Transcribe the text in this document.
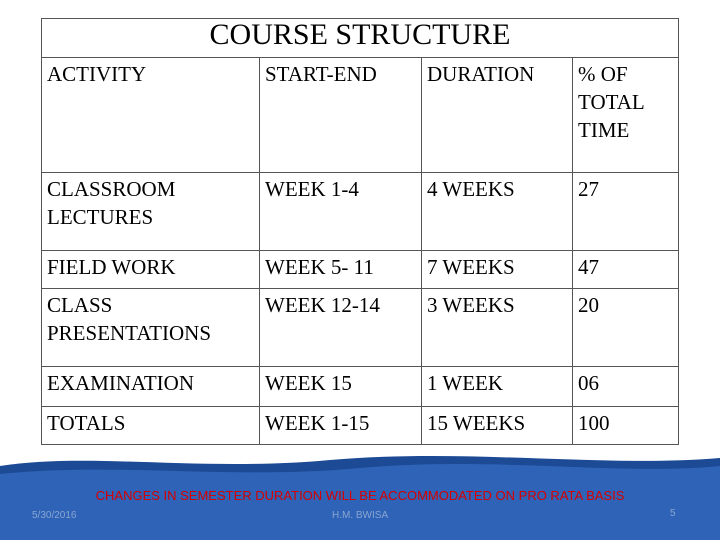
COURSE STRUCTURE			
ACTIVITY	START-END	DURATION	% OF TOTAL TIME
CLASSROOM LECTURES	WEEK 1-4	4 WEEKS	27
FIELD WORK	WEEK 5- 11	7 WEEKS	47
CLASS PRESENTATIONS	WEEK 12-14	3 WEEKS	20
EXAMINATION	WEEK 15	1 WEEK	06
TOTALS	WEEK 1-15	15 WEEKS	100
CHANGES IN SEMESTER DURATION WILL BE ACCOMMODATED ON PRO RATA BASIS
5/30/2016	H.M. BWISA	5
